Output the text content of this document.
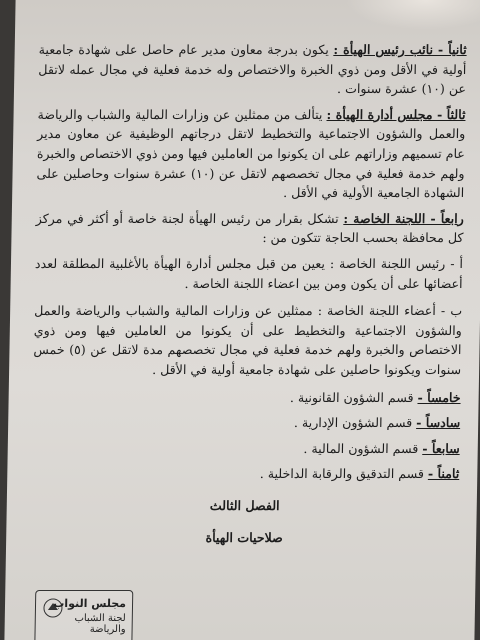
ثانياً - نائب رئيس الهيأة : يكون بدرجة معاون مدير عام حاصل على شهادة جامعية أولية في الأقل ومن ذوي الخبرة والاختصاص وله خدمة فعلية في مجال عمله لاتقل عن (١٠) عشرة سنوات .

ثالثاً - مجلس أدارة الهيأة : يتألف من ممثلين عن وزارات المالية والشباب والرياضة والعمل والشؤون الاجتماعية والتخطيط لاتقل درجاتهم الوظيفية عن معاون مدير عام تسميهم وزاراتهم على ان يكونوا من العاملين فيها ومن ذوي الاختصاص والخبرة ولهم خدمة فعلية في مجال تخصصهم لاتقل عن (١٠) عشرة سنوات وحاصلين على الشهادة الجامعية الأولية في الأقل .

رابعاً - اللجنة الخاصة : تشكل بقرار من رئيس الهيأة لجنة خاصة أو أكثر في مركز كل محافظة بحسب الحاجة تتكون من :

أ - رئيس اللجنة الخاصة : يعين من قبل مجلس أدارة الهيأة بالأغلبية المطلقة لعدد أعضائها على أن يكون ومن بين اعضاء اللجنة الخاصة .

ب - أعضاء اللجنة الخاصة : ممثلين عن وزارات المالية والشباب والرياضة والعمل والشؤون الاجتماعية والتخطيط على أن يكونوا من العاملين فيها ومن ذوي الاختصاص والخبرة ولهم خدمة فعلية في مجال تخصصهم مدة لاتقل عن (٥) خمس سنوات ويكونوا حاصلين على شهادة جامعية أولية في الأقل .

خامساً - قسم الشؤون القانونية .

سادساً - قسم الشؤون الإدارية .

سابعاً - قسم الشؤون المالية .

ثامناً - قسم التدقيق والرقابة الداخلية .

الفصل الثالث

صلاحيات الهيأة

مجلس النواب
لجنة الشباب والرياضة
